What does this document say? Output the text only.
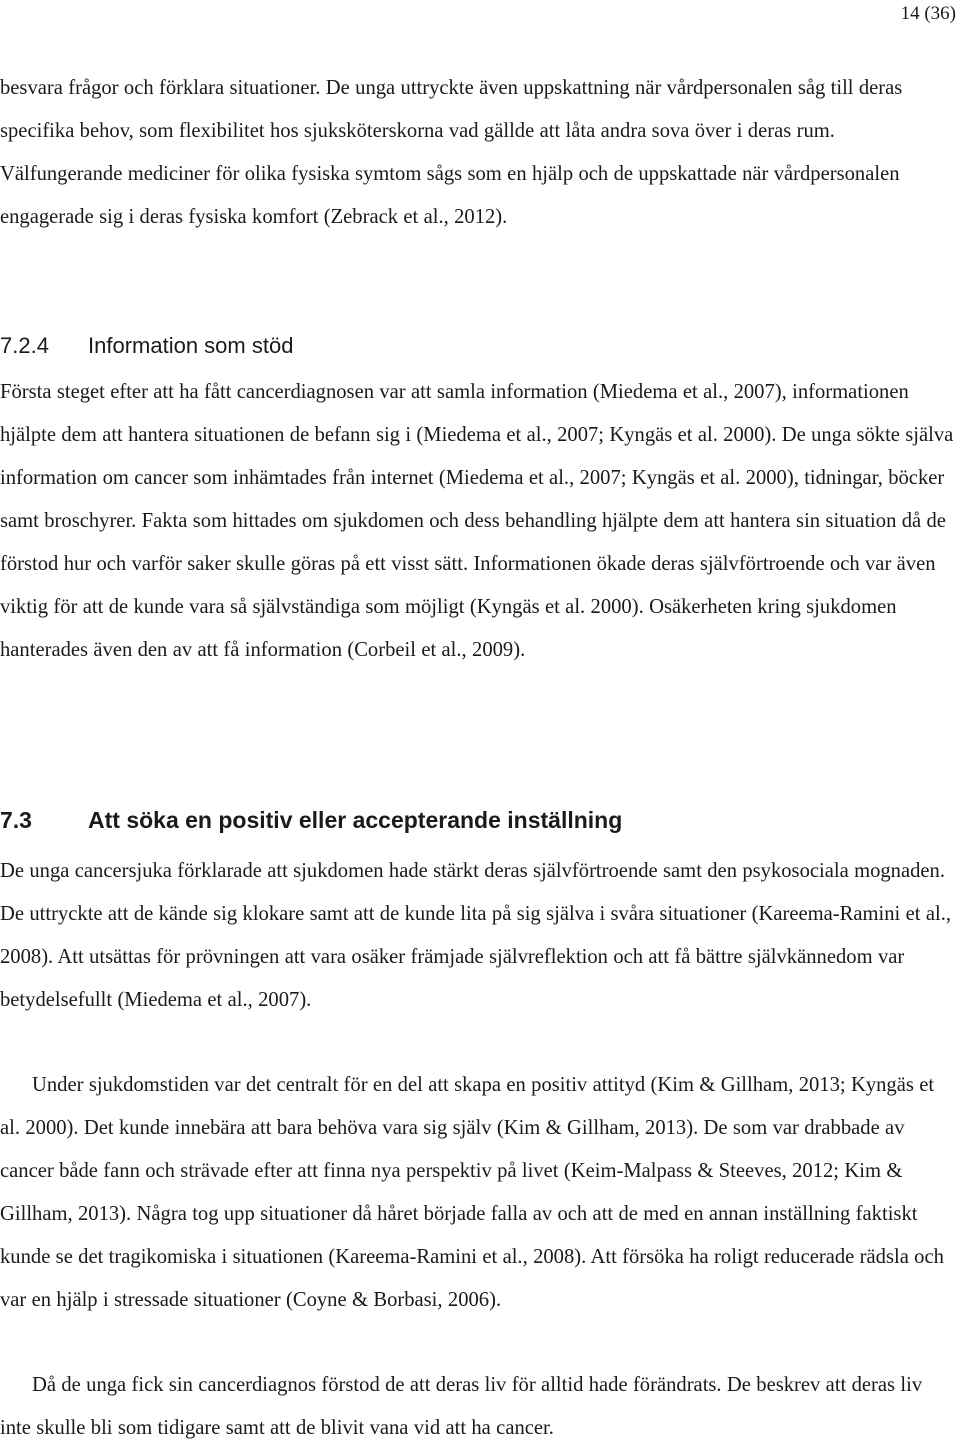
14 (36)

besvara frågor och förklara situationer. De unga uttryckte även uppskattning när vårdpersonalen såg till deras specifika behov, som flexibilitet hos sjuksköterskorna vad gällde att låta andra sova över i deras rum. Välfungerande mediciner för olika fysiska symtom sågs som en hjälp och de uppskattade när vårdpersonalen engagerade sig i deras fysiska komfort (Zebrack et al., 2012).

7.2.4 Information som stöd

Första steget efter att ha fått cancerdiagnosen var att samla information (Miedema et al., 2007), informationen hjälpte dem att hantera situationen de befann sig i (Miedema et al., 2007; Kyngäs et al. 2000). De unga sökte själva information om cancer som inhämtades från internet (Miedema et al., 2007; Kyngäs et al. 2000), tidningar, böcker samt broschyrer. Fakta som hittades om sjukdomen och dess behandling hjälpte dem att hantera sin situation då de förstod hur och varför saker skulle göras på ett visst sätt. Informationen ökade deras självförtroende och var även viktig för att de kunde vara så självständiga som möjligt (Kyngäs et al. 2000). Osäkerheten kring sjukdomen hanterades även den av att få information (Corbeil et al., 2009).

7.3 Att söka en positiv eller accepterande inställning

De unga cancersjuka förklarade att sjukdomen hade stärkt deras självförtroende samt den psykosociala mognaden. De uttryckte att de kände sig klokare samt att de kunde lita på sig själva i svåra situationer (Kareema-Ramini et al., 2008). Att utsättas för prövningen att vara osäker främjade självreflektion och att få bättre självkännedom var betydelsefullt (Miedema et al., 2007).

Under sjukdomstiden var det centralt för en del att skapa en positiv attityd (Kim & Gillham, 2013; Kyngäs et al. 2000). Det kunde innebära att bara behöva vara sig själv (Kim & Gillham, 2013). De som var drabbade av cancer både fann och strävade efter att finna nya perspektiv på livet (Keim-Malpass & Steeves, 2012; Kim & Gillham, 2013). Några tog upp situationer då håret började falla av och att de med en annan inställning faktiskt kunde se det tragikomiska i situationen (Kareema-Ramini et al., 2008). Att försöka ha roligt reducerade rädsla och var en hjälp i stressade situationer (Coyne & Borbasi, 2006).

Då de unga fick sin cancerdiagnos förstod de att deras liv för alltid hade förändrats. De beskrev att deras liv inte skulle bli som tidigare samt att de blivit vana vid att ha cancer.
